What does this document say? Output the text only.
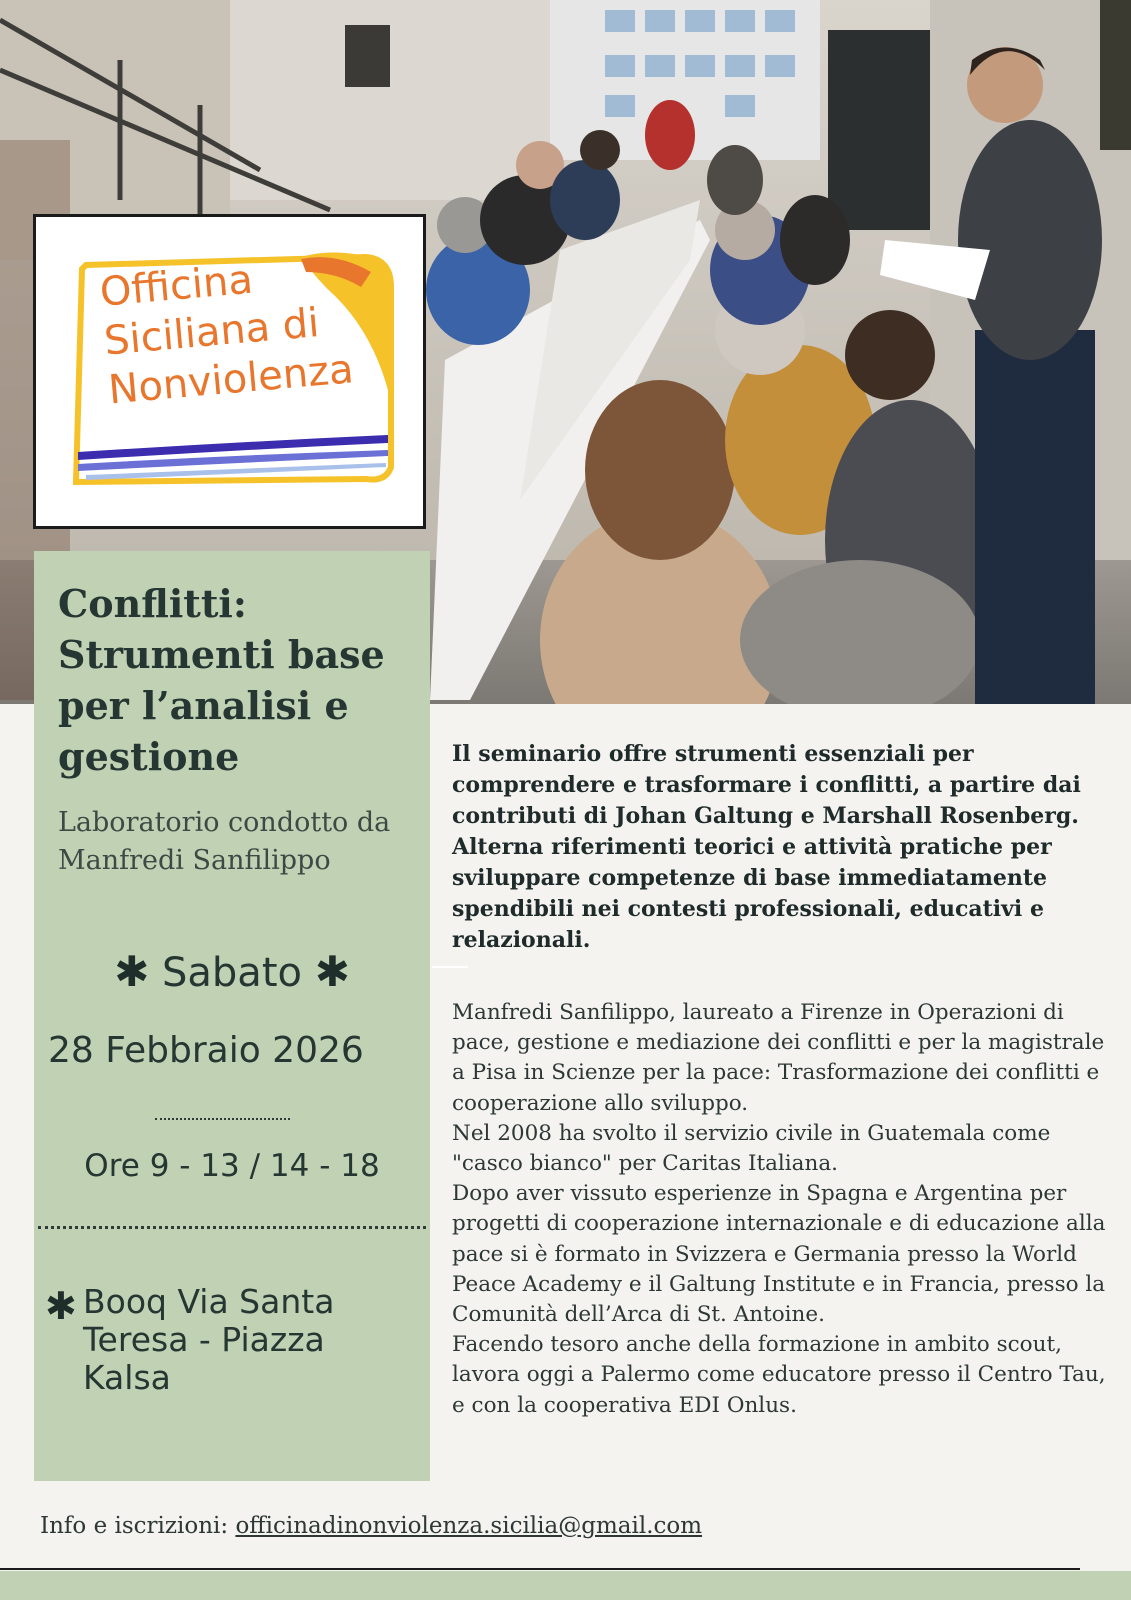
Officina
Siciliana di
Nonviolenza
Conflitti: Strumenti base per l’analisi e gestione

Laboratorio condotto da Manfredi Sanfilippo

✱ Sabato ✱
28 Febbraio 2026
Ore 9 - 13 / 14 - 18
✱ Booq Via Santa Teresa - Piazza Kalsa

Il seminario offre strumenti essenziali per comprendere e trasformare i conflitti, a partire dai contributi di Johan Galtung e Marshall Rosenberg. Alterna riferimenti teorici e attività pratiche per sviluppare competenze di base immediatamente spendibili nei contesti professionali, educativi e relazionali.

Manfredi Sanfilippo, laureato a Firenze in Operazioni di pace, gestione e mediazione dei conflitti e per la magistrale a Pisa in Scienze per la pace: Trasformazione dei conflitti e cooperazione allo sviluppo.

Nel 2008 ha svolto il servizio civile in Guatemala come "casco bianco" per Caritas Italiana.

Dopo aver vissuto esperienze in Spagna e Argentina per progetti di cooperazione internazionale e di educazione alla pace si è formato in Svizzera e Germania presso la World Peace Academy e il Galtung Institute e in Francia, presso la Comunità dell’Arca di St. Antoine.

Facendo tesoro anche della formazione in ambito scout, lavora oggi a Palermo come educatore presso il Centro Tau, e con la cooperativa EDI Onlus.

Info e iscrizioni: officinadinonviolenza.sicilia@gmail.com
